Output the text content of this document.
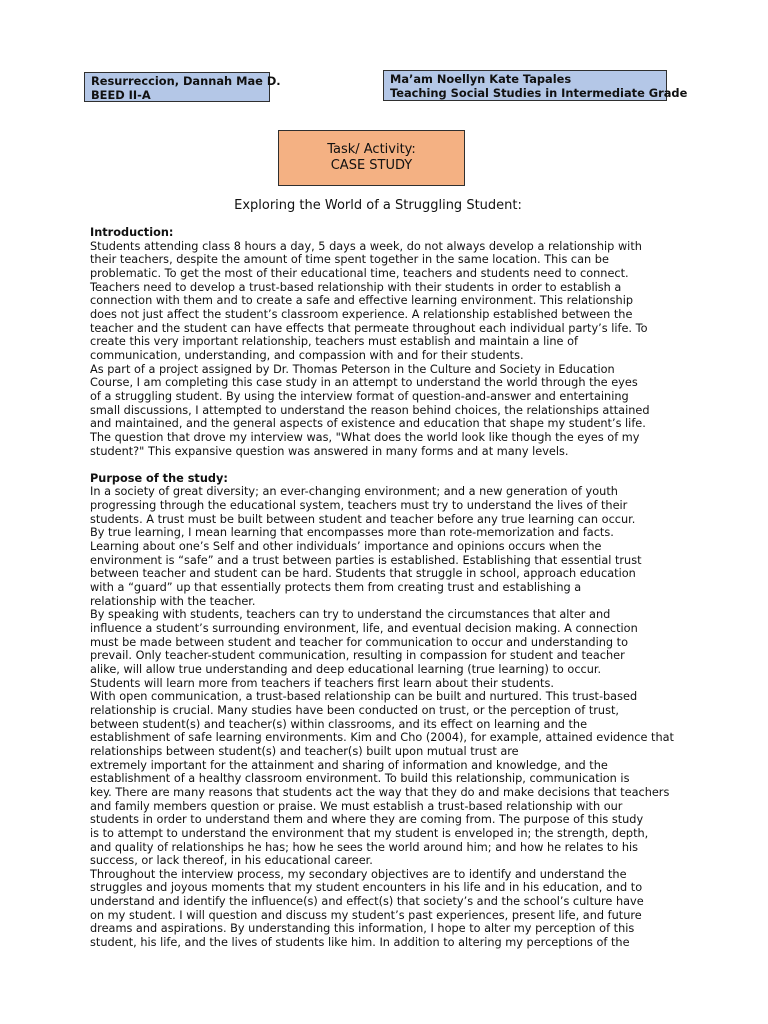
Resurreccion, Dannah Mae D.
BEED II-A
Ma’am Noellyn Kate Tapales
Teaching Social Studies in Intermediate Grade
Task/ Activity:
CASE STUDY
Exploring the World of a Struggling Student:
Introduction:
Students attending class 8 hours a day, 5 days a week, do not always develop a relationship with
their teachers, despite the amount of time spent together in the same location. This can be
problematic. To get the most of their educational time, teachers and students need to connect.
Teachers need to develop a trust-based relationship with their students in order to establish a
connection with them and to create a safe and effective learning environment. This relationship
does not just affect the student’s classroom experience. A relationship established between the
teacher and the student can have effects that permeate throughout each individual party’s life. To
create this very important relationship, teachers must establish and maintain a line of
communication, understanding, and compassion with and for their students.
As part of a project assigned by Dr. Thomas Peterson in the Culture and Society in Education
Course, I am completing this case study in an attempt to understand the world through the eyes
of a struggling student. By using the interview format of question-and-answer and entertaining
small discussions, I attempted to understand the reason behind choices, the relationships attained
and maintained, and the general aspects of existence and education that shape my student’s life.
The question that drove my interview was, "What does the world look like though the eyes of my
student?" This expansive question was answered in many forms and at many levels.
Purpose of the study:
In a society of great diversity; an ever-changing environment; and a new generation of youth
progressing through the educational system, teachers must try to understand the lives of their
students. A trust must be built between student and teacher before any true learning can occur.
By true learning, I mean learning that encompasses more than rote-memorization and facts.
Learning about one’s Self and other individuals’ importance and opinions occurs when the
environment is “safe” and a trust between parties is established. Establishing that essential trust
between teacher and student can be hard. Students that struggle in school, approach education
with a “guard” up that essentially protects them from creating trust and establishing a
relationship with the teacher.
By speaking with students, teachers can try to understand the circumstances that alter and
influence a student’s surrounding environment, life, and eventual decision making. A connection
must be made between student and teacher for communication to occur and understanding to
prevail. Only teacher-student communication, resulting in compassion for student and teacher
alike, will allow true understanding and deep educational learning (true learning) to occur.
Students will learn more from teachers if teachers first learn about their students.
With open communication, a trust-based relationship can be built and nurtured. This trust-based
relationship is crucial. Many studies have been conducted on trust, or the perception of trust,
between student(s) and teacher(s) within classrooms, and its effect on learning and the
establishment of safe learning environments. Kim and Cho (2004), for example, attained evidence that
relationships between student(s) and teacher(s) built upon mutual trust are
extremely important for the attainment and sharing of information and knowledge, and the
establishment of a healthy classroom environment. To build this relationship, communication is
key. There are many reasons that students act the way that they do and make decisions that teachers
and family members question or praise. We must establish a trust-based relationship with our
students in order to understand them and where they are coming from. The purpose of this study
is to attempt to understand the environment that my student is enveloped in; the strength, depth,
and quality of relationships he has; how he sees the world around him; and how he relates to his
success, or lack thereof, in his educational career.
Throughout the interview process, my secondary objectives are to identify and understand the
struggles and joyous moments that my student encounters in his life and in his education, and to
understand and identify the influence(s) and effect(s) that society’s and the school’s culture have
on my student. I will question and discuss my student’s past experiences, present life, and future
dreams and aspirations. By understanding this information, I hope to alter my perception of this
student, his life, and the lives of students like him. In addition to altering my perceptions of the
